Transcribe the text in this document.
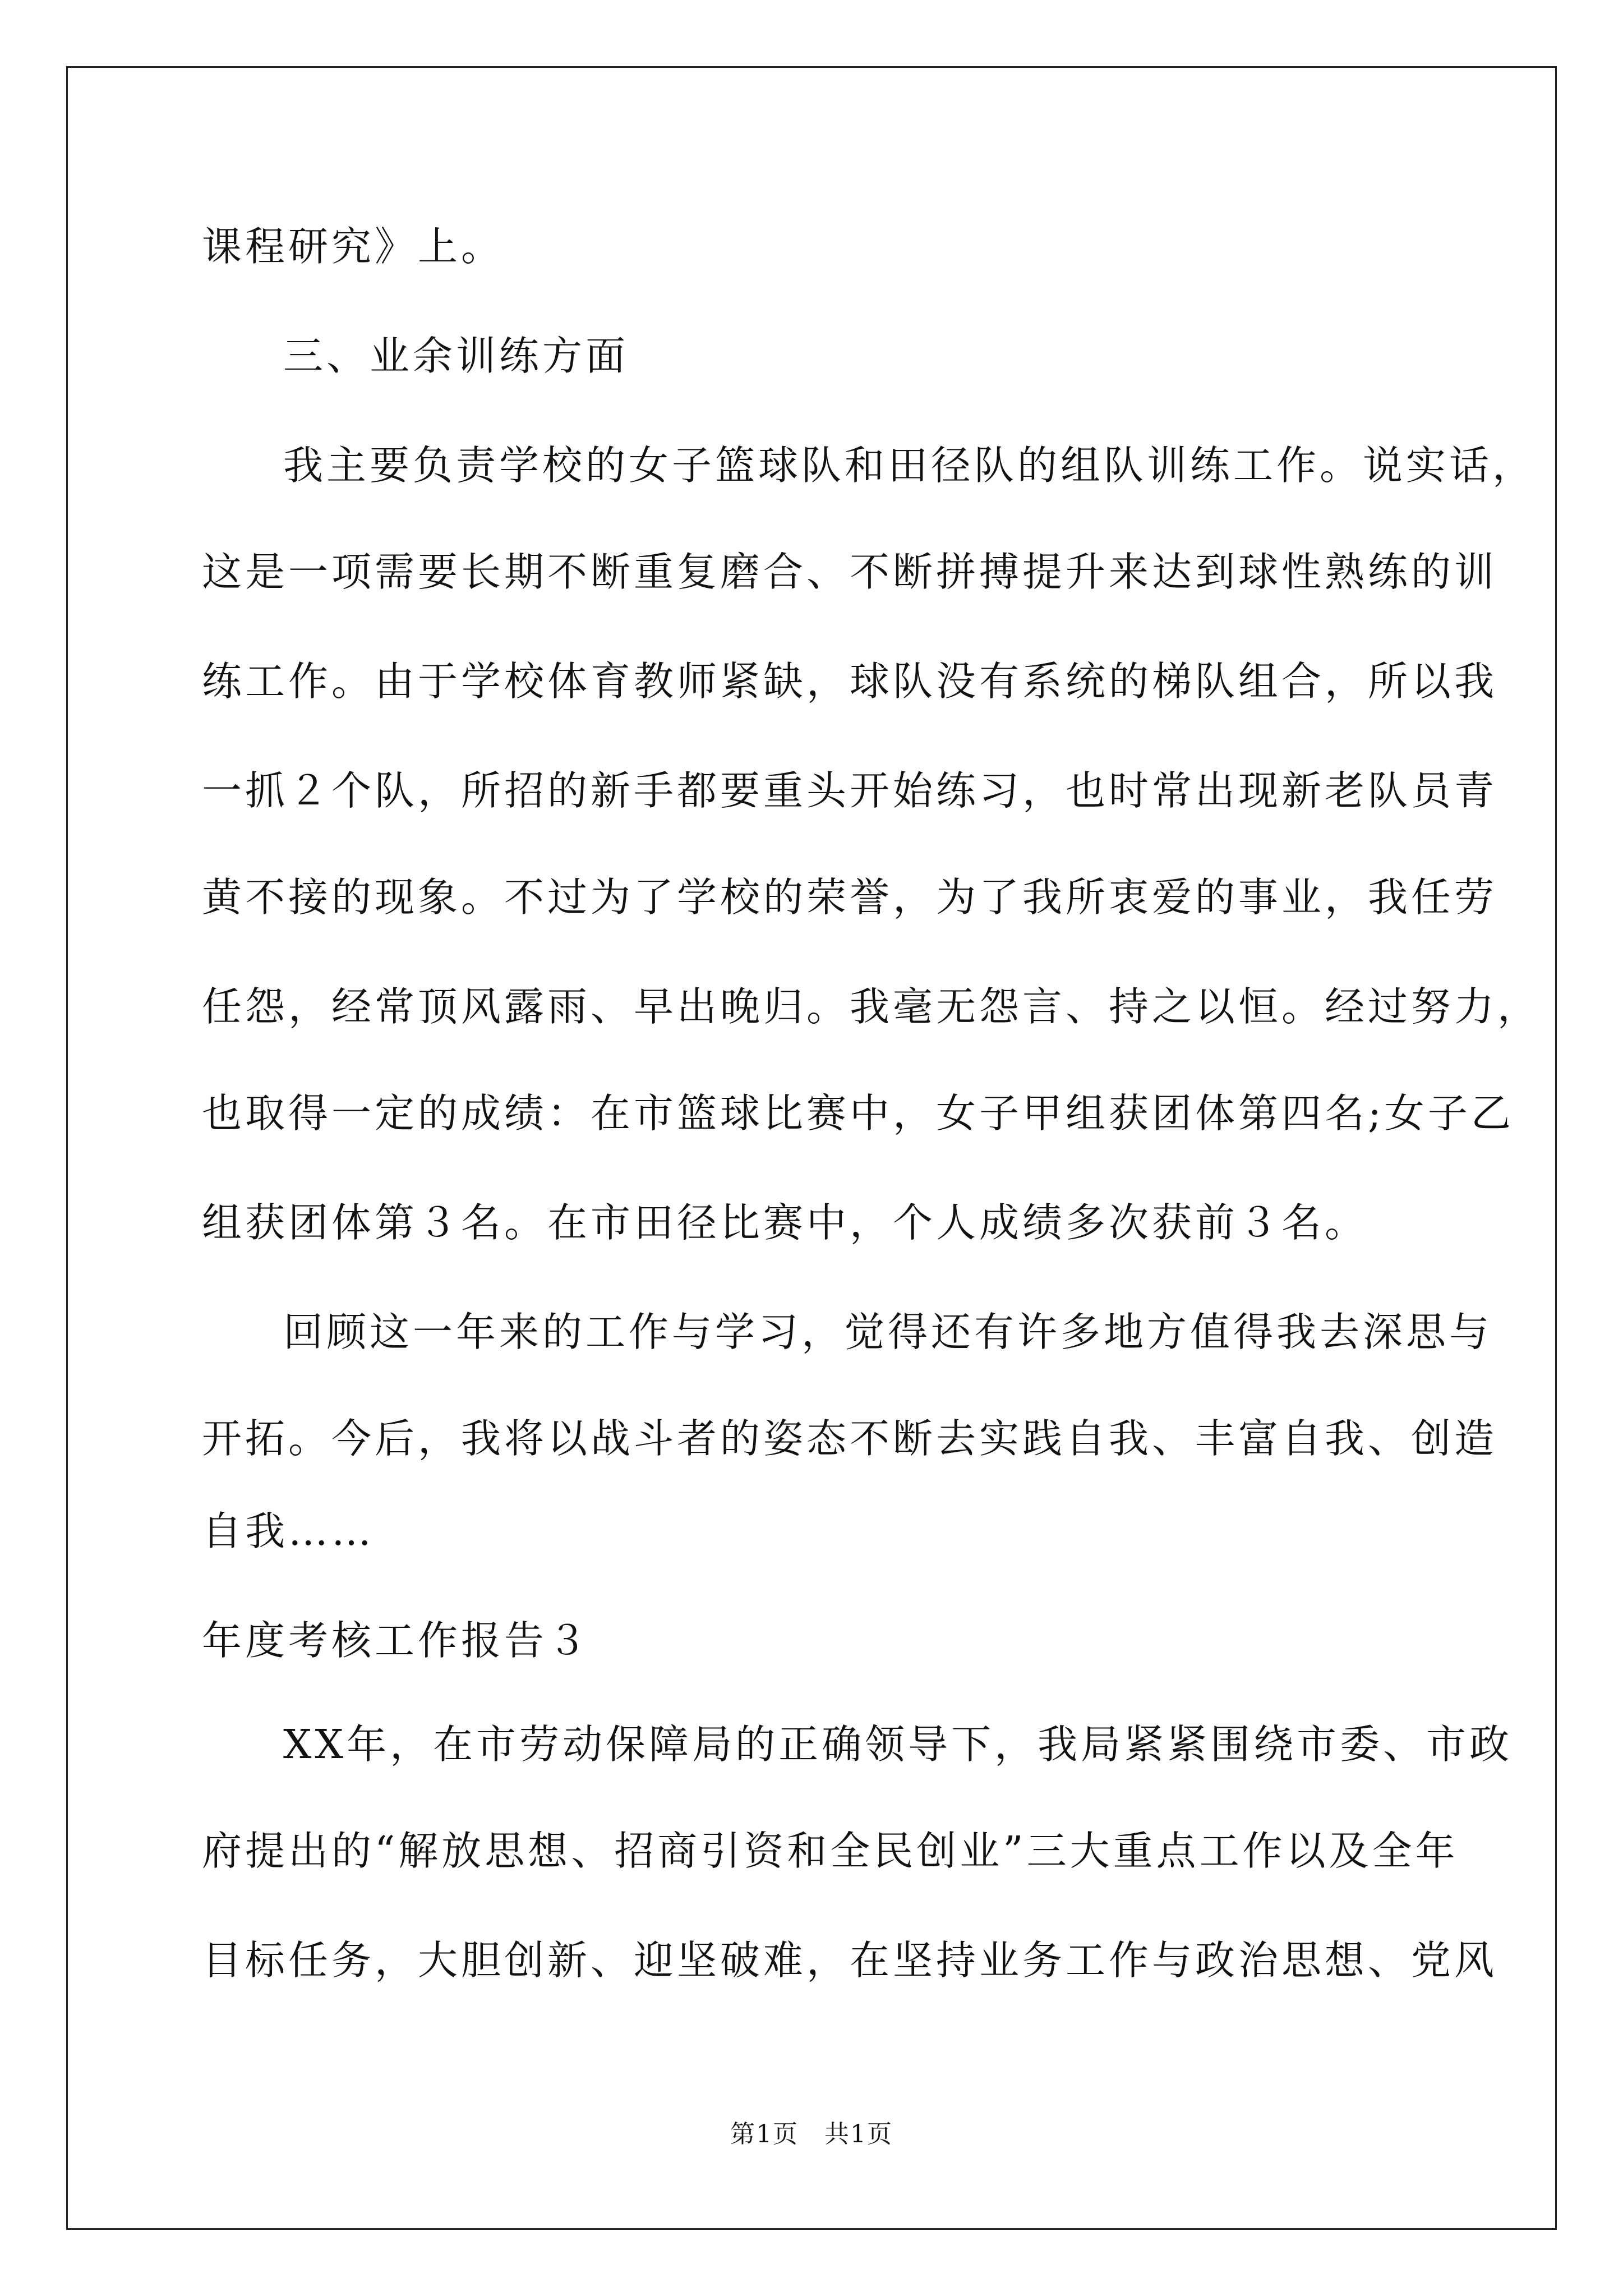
课程研究》上。
三、业余训练方面
我主要负责学校的女子篮球队和田径队的组队训练工作。说实话，
这是一项需要长期不断重复磨合、不断拼搏提升来达到球性熟练的训
练工作。由于学校体育教师紧缺，球队没有系统的梯队组合，所以我
一抓２个队，所招的新手都要重头开始练习，也时常出现新老队员青
黄不接的现象。不过为了学校的荣誉，为了我所衷爱的事业，我任劳
任怨，经常顶风露雨、早出晚归。我毫无怨言、持之以恒。经过努力，
也取得一定的成绩：在市篮球比赛中，女子甲组获团体第四名;女子乙
组获团体第３名。在市田径比赛中，个人成绩多次获前３名。
回顾这一年来的工作与学习，觉得还有许多地方值得我去深思与
开拓。今后，我将以战斗者的姿态不断去实践自我、丰富自我、创造
自我……
年度考核工作报告３
XX年，在市劳动保障局的正确领导下，我局紧紧围绕市委、市政
府提出的“解放思想、招商引资和全民创业”三大重点工作以及全年
目标任务，大胆创新、迎坚破难，在坚持业务工作与政治思想、党风
第1页　共1页
